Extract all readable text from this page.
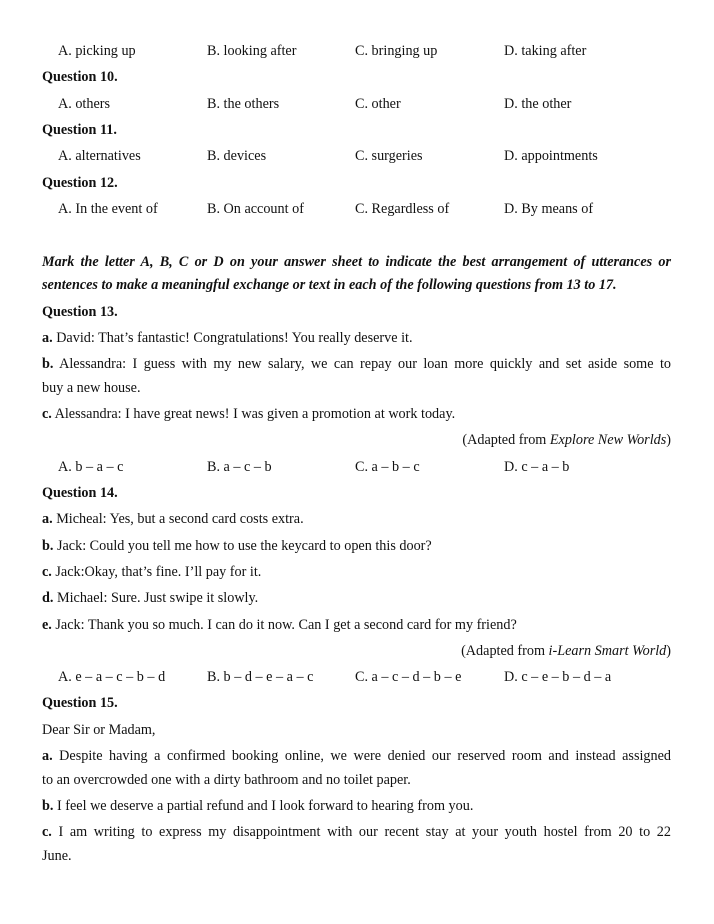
A. picking up	B. looking after	C. bringing up	D. taking after
Question 10.
A. others	B. the others	C. other	D. the other
Question 11.
A. alternatives	B. devices	C. surgeries	D. appointments
Question 12.
A. In the event of	B. On account of	C. Regardless of	D. By means of
Mark the letter A, B, C or D on your answer sheet to indicate the best arrangement of utterances or
sentences to make a meaningful exchange or text in each of the following questions from 13 to 17.
Question 13.
a. David: That’s fantastic! Congratulations! You really deserve it.
b. Alessandra: I guess with my new salary, we can repay our loan more quickly and set aside some to
buy a new house.
c. Alessandra: I have great news! I was given a promotion at work today.
(Adapted from Explore New Worlds)
A. b – a – c	B. a – c – b	C. a – b – c	D. c – a – b
Question 14.
a. Micheal: Yes, but a second card costs extra.
b. Jack: Could you tell me how to use the keycard to open this door?
c. Jack:Okay, that’s fine. I’ll pay for it.
d. Michael: Sure. Just swipe it slowly.
e. Jack: Thank you so much. I can do it now. Can I get a second card for my friend?
(Adapted from i-Learn Smart World)
A. e – a – c – b – d	B. b – d – e – a – c	C. a – c – d – b – e	D. c – e – b – d – a
Question 15.
Dear Sir or Madam,
a. Despite having a confirmed booking online, we were denied our reserved room and instead assigned
to an overcrowded one with a dirty bathroom and no toilet paper.
b. I feel we deserve a partial refund and I look forward to hearing from you.
c. I am writing to express my disappointment with our recent stay at your youth hostel from 20 to 22
June.
